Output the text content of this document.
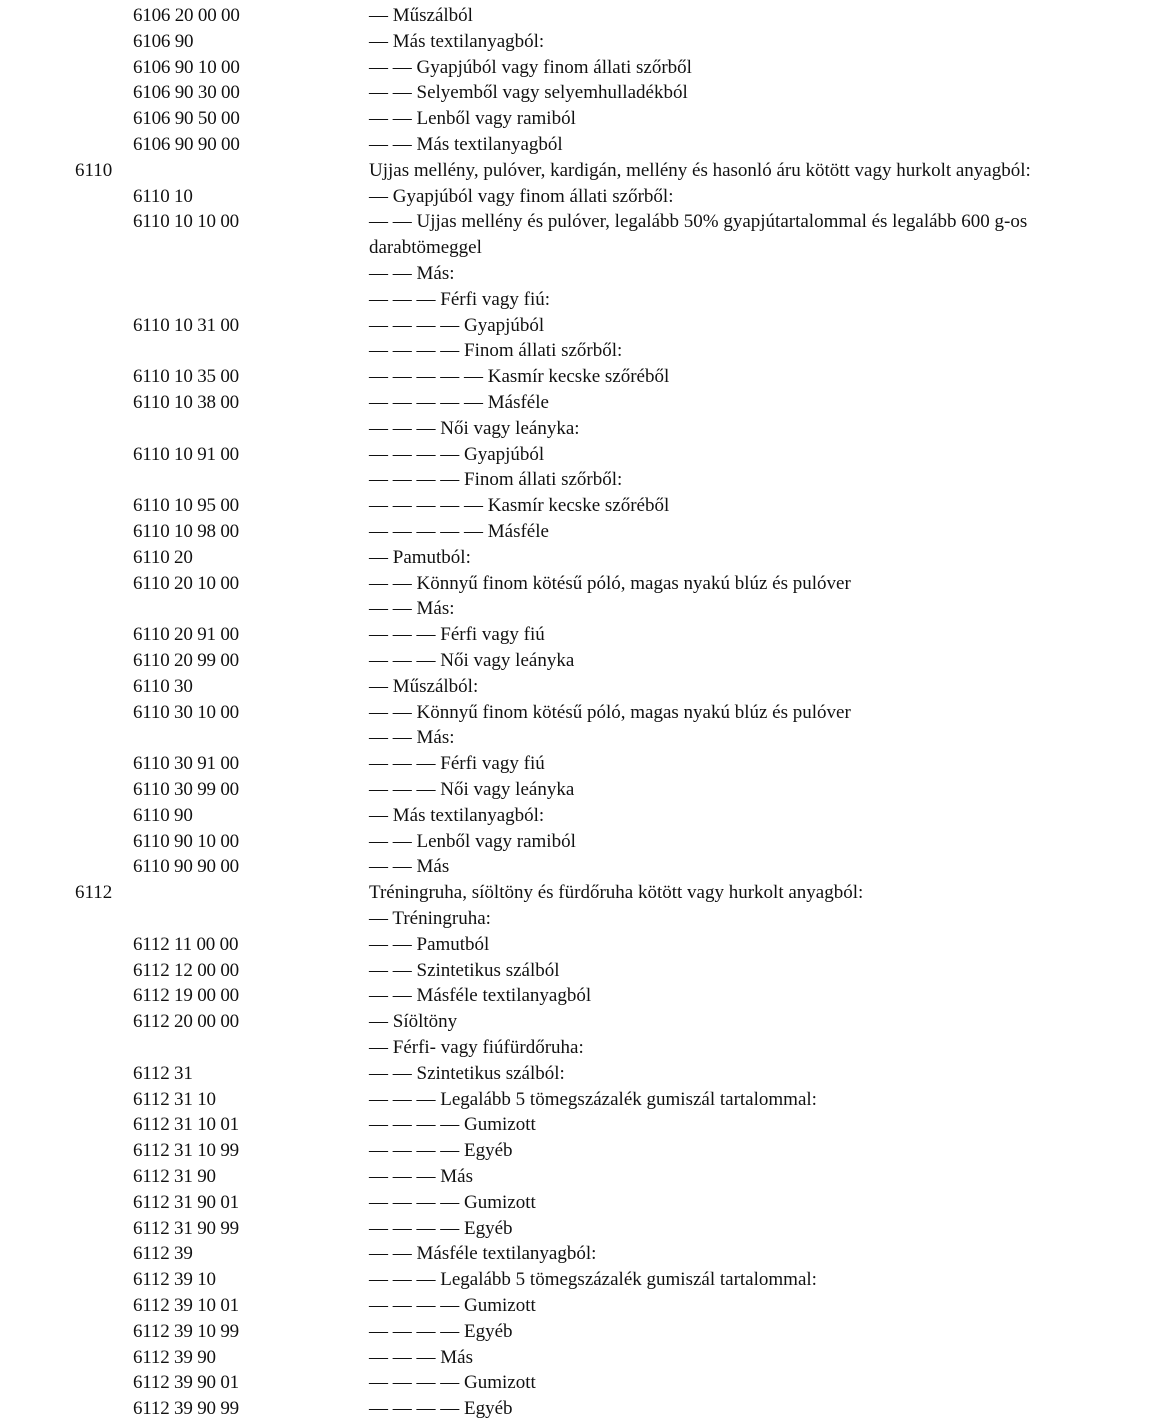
6106 20 00 00	— Műszálból
6106 90	— Más textilanyagból:
6106 90 10 00	— — Gyapjúból vagy finom állati szőrből
6106 90 30 00	— — Selyemből vagy selyemhulladékból
6106 90 50 00	— — Lenből vagy ramiból
6106 90 90 00	— — Más textilanyagból
6110	Ujjas mellény, pulóver, kardigán, mellény és hasonló áru kötött vagy hurkolt anyagból:
6110 10	— Gyapjúból vagy finom állati szőrből:
6110 10 10 00	— — Ujjas mellény és pulóver, legalább 50% gyapjútartalommal és legalább 600 g-os darabtömeggel
— — Más:
— — — Férfi vagy fiú:
6110 10 31 00	— — — — Gyapjúból
— — — — Finom állati szőrből:
6110 10 35 00	— — — — — Kasmír kecske szőréből
6110 10 38 00	— — — — — Másféle
— — — Női vagy leányka:
6110 10 91 00	— — — — Gyapjúból
— — — — Finom állati szőrből:
6110 10 95 00	— — — — — Kasmír kecske szőréből
6110 10 98 00	— — — — — Másféle
6110 20	— Pamutból:
6110 20 10 00	— — Könnyű finom kötésű póló, magas nyakú blúz és pulóver
— — Más:
6110 20 91 00	— — — Férfi vagy fiú
6110 20 99 00	— — — Női vagy leányka
6110 30	— Műszálból:
6110 30 10 00	— — Könnyű finom kötésű póló, magas nyakú blúz és pulóver
— — Más:
6110 30 91 00	— — — Férfi vagy fiú
6110 30 99 00	— — — Női vagy leányka
6110 90	— Más textilanyagból:
6110 90 10 00	— — Lenből vagy ramiból
6110 90 90 00	— — Más
6112	Tréningruha, síöltöny és fürdőruha kötött vagy hurkolt anyagból:
— Tréningruha:
6112 11 00 00	— — Pamutból
6112 12 00 00	— — Szintetikus szálból
6112 19 00 00	— — Másféle textilanyagból
6112 20 00 00	— Síöltöny
— Férfi- vagy fiúfürdőruha:
6112 31	— — Szintetikus szálból:
6112 31 10	— — — Legalább 5 tömegszázalék gumiszál tartalommal:
6112 31 10 01	— — — — Gumizott
6112 31 10 99	— — — — Egyéb
6112 31 90	— — — Más
6112 31 90 01	— — — — Gumizott
6112 31 90 99	— — — — Egyéb
6112 39	— — Másféle textilanyagból:
6112 39 10	— — — Legalább 5 tömegszázalék gumiszál tartalommal:
6112 39 10 01	— — — — Gumizott
6112 39 10 99	— — — — Egyéb
6112 39 90	— — — Más
6112 39 90 01	— — — — Gumizott
6112 39 90 99	— — — — Egyéb
